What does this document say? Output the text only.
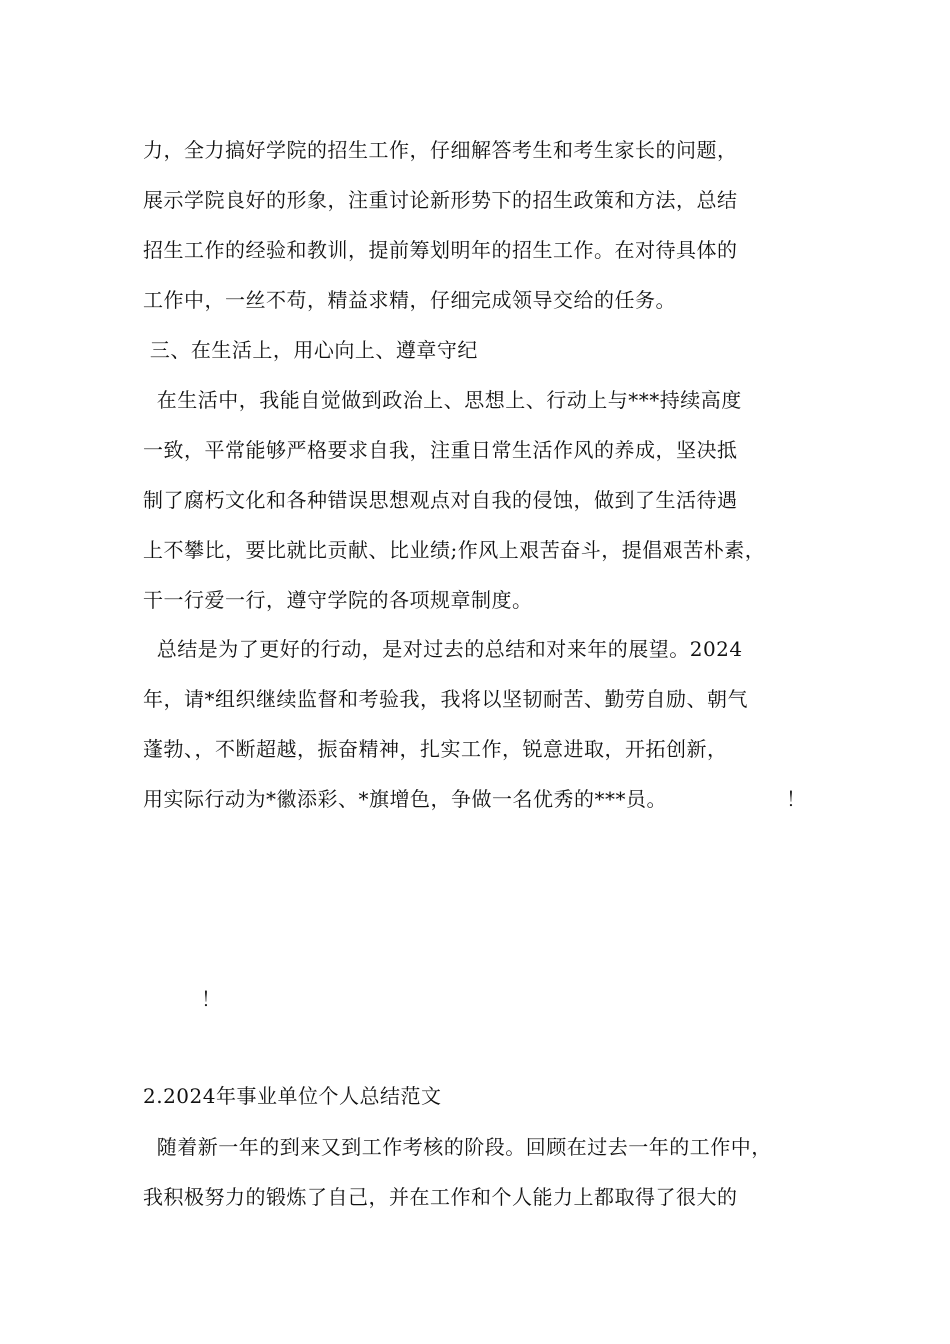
力，全力搞好学院的招生工作，仔细解答考生和考生家长的问题，
展示学院良好的形象，注重讨论新形势下的招生政策和方法，总结
招生工作的经验和教训，提前筹划明年的招生工作。在对待具体的
工作中，一丝不苟，精益求精，仔细完成领导交给的任务。
三、在生活上，用心向上、遵章守纪
在生活中，我能自觉做到政治上、思想上、行动上与***持续高度
一致，平常能够严格要求自我，注重日常生活作风的养成，坚决抵
制了腐朽文化和各种错误思想观点对自我的侵蚀，做到了生活待遇
上不攀比，要比就比贡献、比业绩;作风上艰苦奋斗，提倡艰苦朴素，
干一行爱一行，遵守学院的各项规章制度。
总结是为了更好的行动，是对过去的总结和对来年的展望。2024
年，请*组织继续监督和考验我，我将以坚韧耐苦、勤劳自励、朝气
蓬勃、，不断超越，振奋精神，扎实工作，锐意进取，开拓创新，
用实际行动为*徽添彩、*旗增色，争做一名优秀的***员。	！
！
2.2024年事业单位个人总结范文
随着新一年的到来又到工作考核的阶段。回顾在过去一年的工作中，
我积极努力的锻炼了自己，并在工作和个人能力上都取得了很大的
